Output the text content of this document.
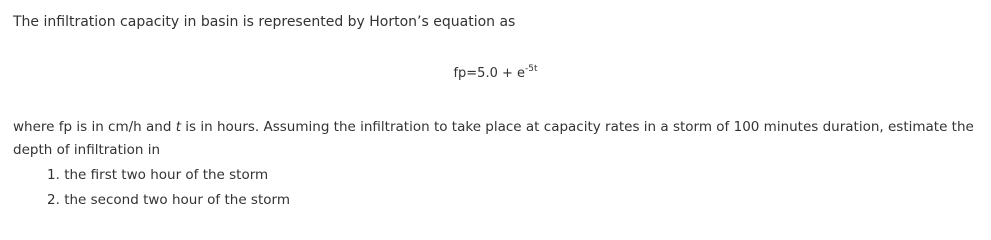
The infiltration capacity in basin is represented by Horton’s equation as

$fp=5.0 + e^{-5t}$

where fp is in cm/h and t is in hours. Assuming the infiltration to take place at capacity rates in a storm of 100 minutes duration, estimate the depth of infiltration in

1. the first two hour of the storm
2. the second two hour of the storm
